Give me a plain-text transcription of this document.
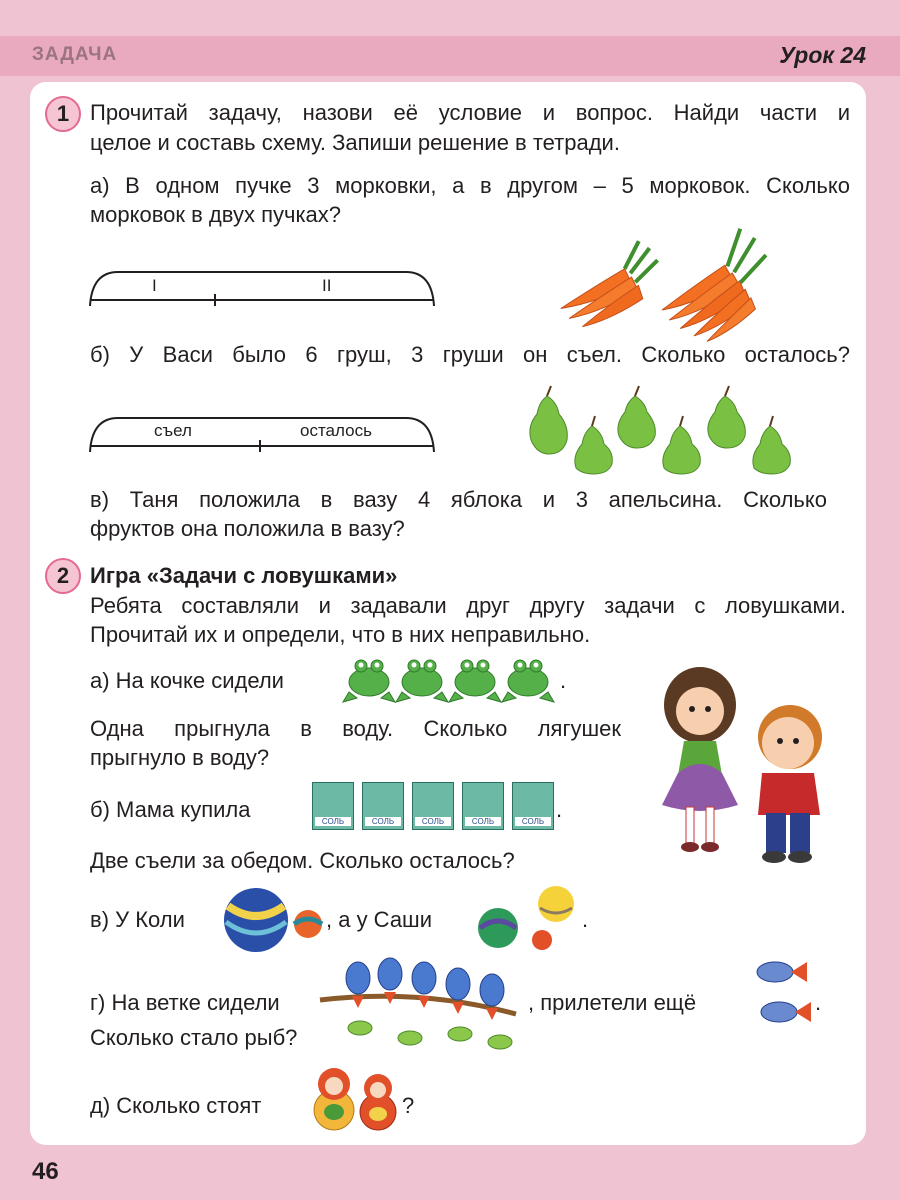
ЗАДАЧА	Урок 24
1 Прочитай задачу, назови её условие и вопрос. Найди части и
целое и составь схему. Запиши решение в тетради.
а) В одном пучке 3 морковки, а в другом – 5 морковок. Сколько
морковок в двух пучках?
I	II
б) У Васи было 6 груш, 3 груши он съел. Сколько осталось?
съел	осталось
в) Таня положила в вазу 4 яблока и 3 апельсина. Сколько
фруктов она положила в вазу?
2 Игра «Задачи с ловушками»
Ребята составляли и задавали друг другу задачи с ловушками.
Прочитай их и определи, что в них неправильно.
а) На кочке сидели	.
Одна прыгнула в воду. Сколько лягушек
прыгнуло в воду?
б) Мама купила	СОЛЬ	СОЛЬ	СОЛЬ	СОЛЬ	СОЛЬ .
Две съели за обедом. Сколько осталось?
в) У Коли	, а у Саши	.
г) На ветке сидели	, прилетели ещё	.
Сколько стало рыб?
д) Сколько стоят	?
46
